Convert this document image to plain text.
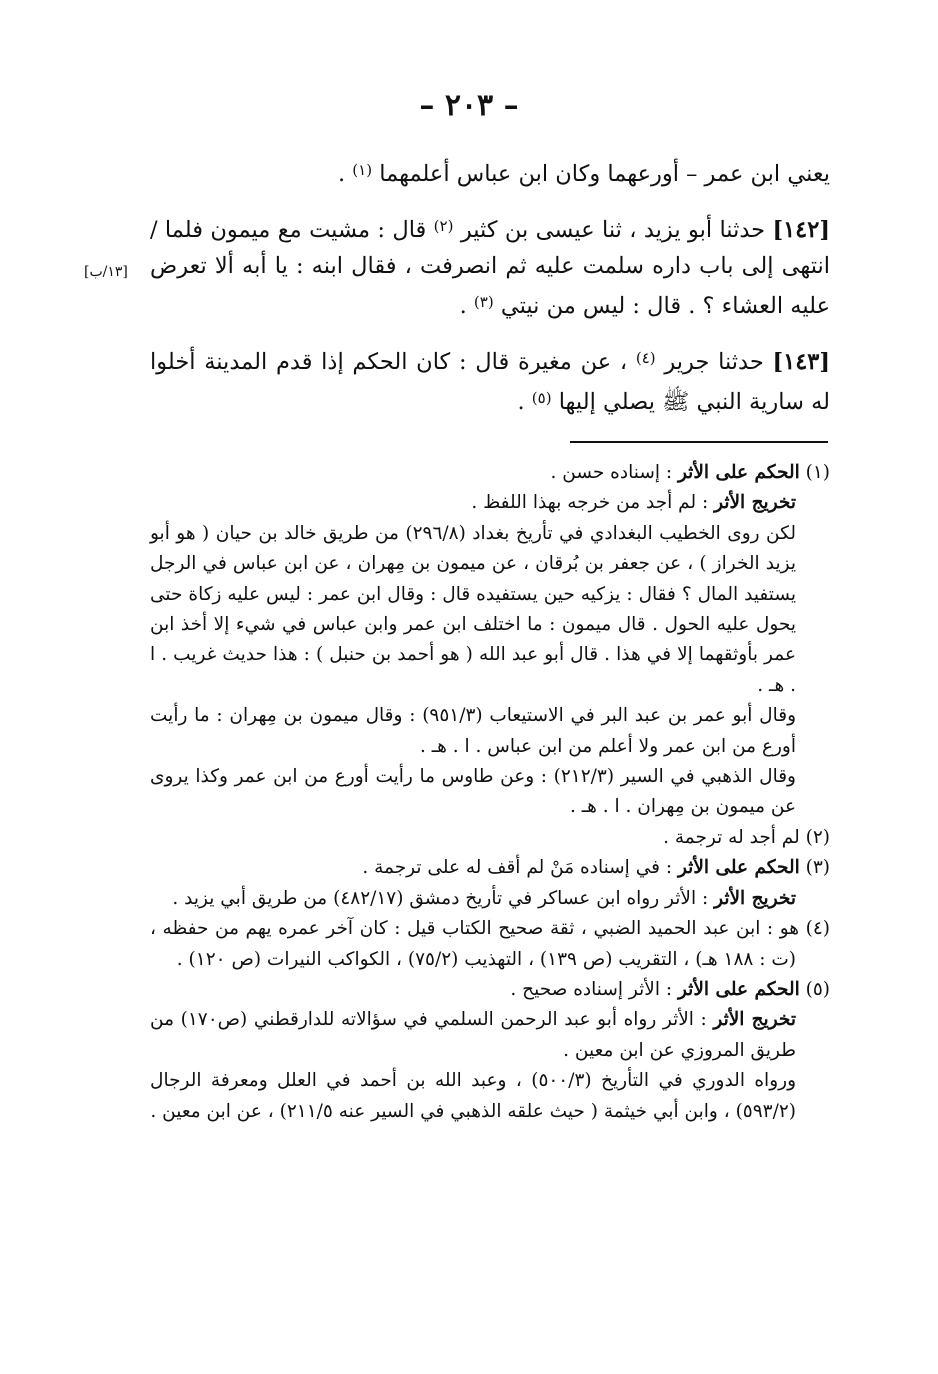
– ٢٠٣ –
[١٣/ب]

يعني ابن عمر – أورعهما وكان ابن عباس أعلمهما $^{(١)}$ .

[١٤٢] حدثنا أبو يزيد ، ثنا عيسى بن كثير $^{(٢)}$ قال : مشيت مع ميمون فلما / انتهى إلى باب داره سلمت عليه ثم انصرفت ، فقال ابنه : يا أبه ألا تعرض عليه العشاء ؟ . قال : ليس من نيتي $^{(٣)}$ .

[١٤٣] حدثنا جرير $^{(٤)}$ ، عن مغيرة قال : كان الحكم إذا قدم المدينة أخلوا له سارية النبي ﷺ يصلي إليها $^{(٥)}$ .

(١) الحكم على الأثر : إسناده حسن .

تخريج الأثر : لم أجد من خرجه بهذا اللفظ .

لكن روى الخطيب البغدادي في تأريخ بغداد (٢٩٦/٨) من طريق خالد بن حيان ( هو أبو يزيد الخراز ) ، عن جعفر بن بُرقان ، عن ميمون بن مِهران ، عن ابن عباس في الرجل يستفيد المال ؟ فقال : يزكيه حين يستفيده قال : وقال ابن عمر : ليس عليه زكاة حتى يحول عليه الحول . قال ميمون : ما اختلف ابن عمر وابن عباس في شيء إلا أخذ ابن عمر بأوثقهما إلا في هذا . قال أبو عبد الله ( هو أحمد بن حنبل ) : هذا حديث غريب . ا . هـ .

وقال أبو عمر بن عبد البر في الاستيعاب (٩٥١/٣) : وقال ميمون بن مِهران : ما رأيت أورع من ابن عمر ولا أعلم من ابن عباس . ا . هـ .

وقال الذهبي في السير (٢١٢/٣) : وعن طاوس ما رأيت أورع من ابن عمر وكذا يروى عن ميمون بن مِهران . ا . هـ .

(٢) لم أجد له ترجمة .

(٣) الحكم على الأثر : في إسناده مَنْ لم أقف له على ترجمة .

تخريج الأثر : الأثر رواه ابن عساكر في تأريخ دمشق (٤٨٢/١٧) من طريق أبي يزيد .

(٤) هو : ابن عبد الحميد الضبي ، ثقة صحيح الكتاب قيل : كان آخر عمره يهم من حفظه ، (ت : ١٨٨ هـ) ، التقريب (ص ١٣٩) ، التهذيب (٧٥/٢) ، الكواكب النيرات (ص ١٢٠) .

(٥) الحكم على الأثر : الأثر إسناده صحيح .

تخريج الأثر : الأثر رواه أبو عبد الرحمن السلمي في سؤالاته للدارقطني (ص١٧٠) من طريق المروزي عن ابن معين .

ورواه الدوري في التأريخ (٥٠٠/٣) ، وعبد الله بن أحمد في العلل ومعرفة الرجال (٥٩٣/٢) ، وابن أبي خيثمة ( حيث علقه الذهبي في السير عنه ٢١١/٥) ، عن ابن معين .
